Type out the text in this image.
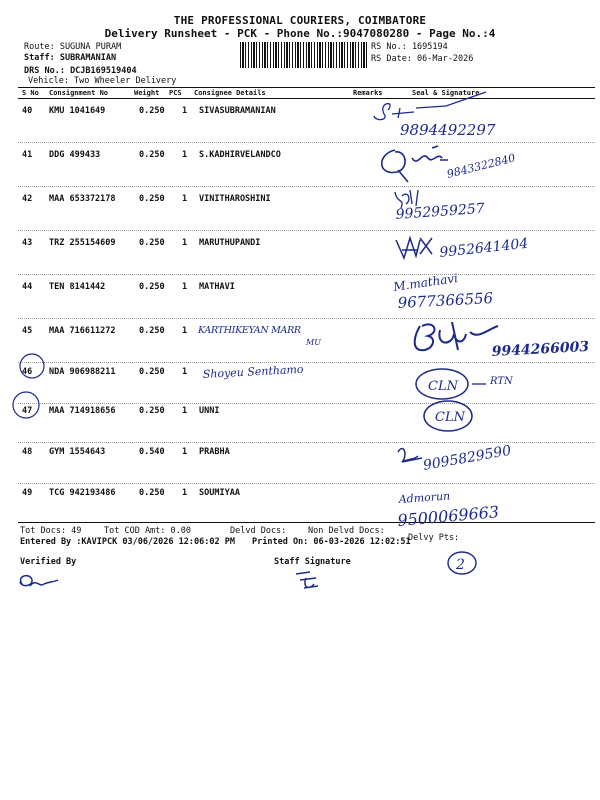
THE PROFESSIONAL COURIERS, COIMBATORE
Delivery Runsheet - PCK - Phone No.:9047080280 - Page No.:4
Route: SUGUNA PURAM
Staff: SUBRAMANIAN
DRS No.: DCJB169519404
Vehicle: Two Wheeler Delivery
RS No.: 1695194
RS Date: 06-Mar-2026
S No Consignment No	Weight PCS Consignee Details	Remarks	Seal & Signature
40 KMU 1041649	0.250 1 SIVASUBRAMANIAN
41 DDG 499433	0.250 1 S.KADHIRVELANDCO
42 MAA 653372178	0.250 1 VINITHAROSHINI
43 TRZ 255154609	0.250 1 MARUTHUPANDI
44 TEN 8141442	0.250 1 MATHAVI
45 MAA 716611272	0.250 1
46 NDA 906988211	0.250 1
47 MAA 714918656	0.250 1 UNNI
48 GYM 1554643	0.540 1 PRABHA
49 TCG 942193486	0.250 1 SOUMIYAA
Tot Docs: 49	Tot COD Amt: 0.00	Delvd Docs:	Non Delvd Docs:
Delvy Pts:
Entered By :KAVIPCK 03/06/2026 12:06:02 PM Printed On: 06-03-2026 12:02:51
Verified By	Staff Signature
9894492297
9843322840
9952959257
9952641404
M.mathavi
9677366556
KARTHIKEYAN MARR
MU	9944266003
Shoyeu Senthamo
CLN	RTN
CLN
9095829590
Admorun
9500069663
2
